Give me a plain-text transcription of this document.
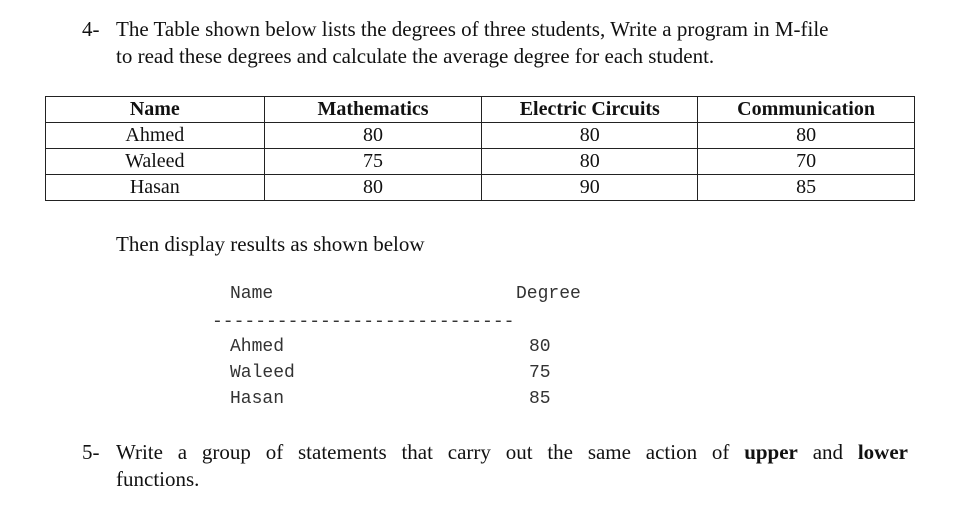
4- The Table shown below lists the degrees of three students, Write a program in M-file
to read these degrees and calculate the average degree for each student.
Name	Mathematics	Electric Circuits	Communication
Ahmed	80	80	80
Waleed	75	80	70
Hasan	80	90	85
Then display results as shown below
Name	Degree
----------------------------
Ahmed	80
Waleed	75
Hasan	85
5- Write a group of statements that carry out the same action of upper and lower
functions.
